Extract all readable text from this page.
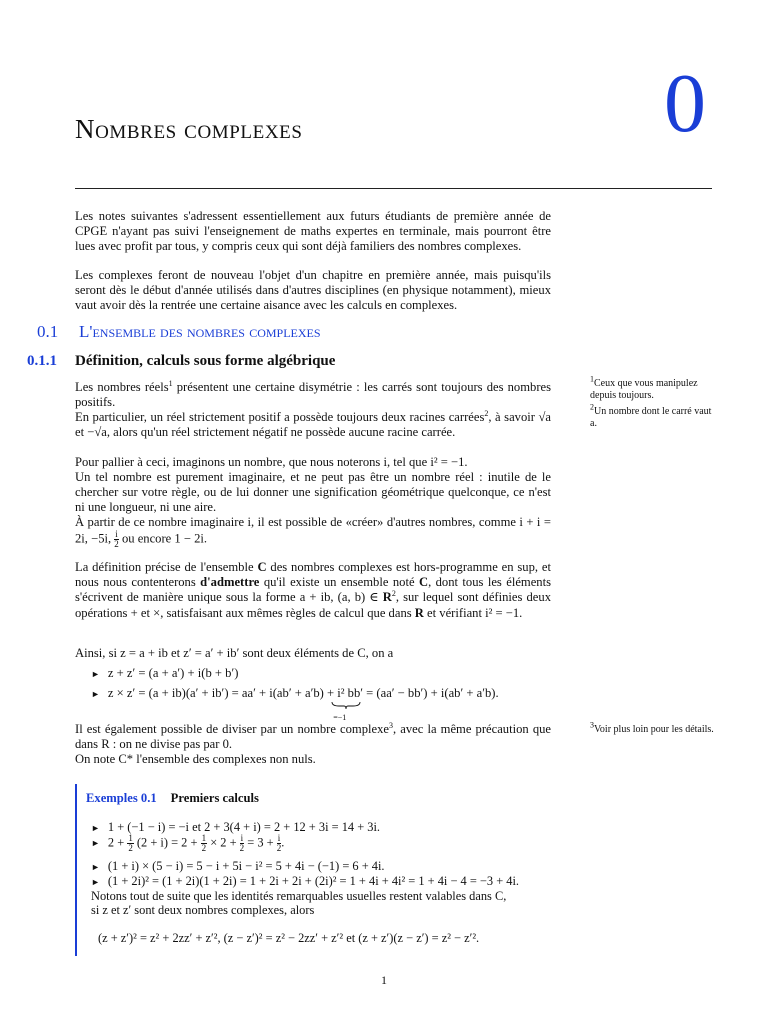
0
Nombres complexes
Les notes suivantes s'adressent essentiellement aux futurs étudiants de première année de CPGE n'ayant pas suivi l'enseignement de maths expertes en terminale, mais pourront être lues avec profit par tous, y compris ceux qui sont déjà familiers des nombres complexes.
Les complexes feront de nouveau l'objet d'un chapitre en première année, mais puisqu'ils seront dès le début d'année utilisés dans d'autres disciplines (en physique notamment), mieux vaut avoir dès la rentrée une certaine aisance avec les calculs en complexes.
0.1 L'ensemble des nombres complexes
0.1.1 Définition, calculs sous forme algébrique
Les nombres réels$^1$ présentent une certaine disymétrie : les carrés sont toujours des nombres positifs.
En particulier, un réel strictement positif a possède toujours deux racines carrées$^2$, à savoir √a et −√a, alors qu'un réel strictement négatif ne possède aucune racine carrée.
Pour pallier à ceci, imaginons un nombre, que nous noterons i, tel que i² = −1.
Un tel nombre est purement imaginaire, et ne peut pas être un nombre réel : inutile de le chercher sur votre règle, ou de lui donner une signification géométrique quelconque, ce n'est ni une longueur, ni une aire.
À partir de ce nombre imaginaire i, il est possible de «créer» d'autres nombres, comme i + i = 2i, −5i, $\frac{i}{2}$ ou encore 1 − 2i.
La définition précise de l'ensemble C des nombres complexes est hors-programme en sup, et nous nous contenterons d'admettre qu'il existe un ensemble noté C, dont tous les éléments s'écrivent de manière unique sous la forme a + ib, (a, b) ∈ $R^2$, sur lequel sont définies deux opérations + et ×, satisfaisant aux mêmes règles de calcul que dans R et vérifiant i² = −1.
Ainsi, si z = a + ib et z′ = a′ + ib′ sont deux éléments de C, on a
► z + z′ = (a + a′) + i(b + b′)
► z × z′ = (a + ib)(a′ + ib′) = aa′ + i(ab′ + a′b) + i²
=−1
bb′ = (aa′ − bb′) + i(ab′ + a′b).
Il est également possible de diviser par un nombre complexe$^3$, avec la même précaution que dans R : on ne divise pas par 0.
On note C* l'ensemble des complexes non nuls.
$^1$Ceux que vous manipulez depuis toujours.
$^2$Un nombre dont le carré vaut a.
$^3$Voir plus loin pour les détails.
Exemples 0.1 Premiers calculs
► 1 + (−1 − i) = −i et 2 + 3(4 + i) = 2 + 12 + 3i = 14 + 3i.
► $2 + \frac{1}{2} (2 + i) = 2 + \frac{1}{2} \times 2 + \frac{i}{2} = 3 + \frac{i}{2}$ .
► (1 + i) × (5 − i) = 5 − i + 5i − i² = 5 + 4i − (−1) = 6 + 4i.
► (1 + 2i)² = (1 + 2i)(1 + 2i) = 1 + 2i + 2i + (2i)² = 1 + 4i + 4i² = 1 + 4i − 4 = −3 + 4i.
Notons tout de suite que les identités remarquables usuelles restent valables dans C,
si z et z′ sont deux nombres complexes, alors
(z + z′)² = z² + 2zz′ + z′², (z − z′)² = z² − 2zz′ + z′² et (z + z′)(z − z′) = z² − z′².
1
